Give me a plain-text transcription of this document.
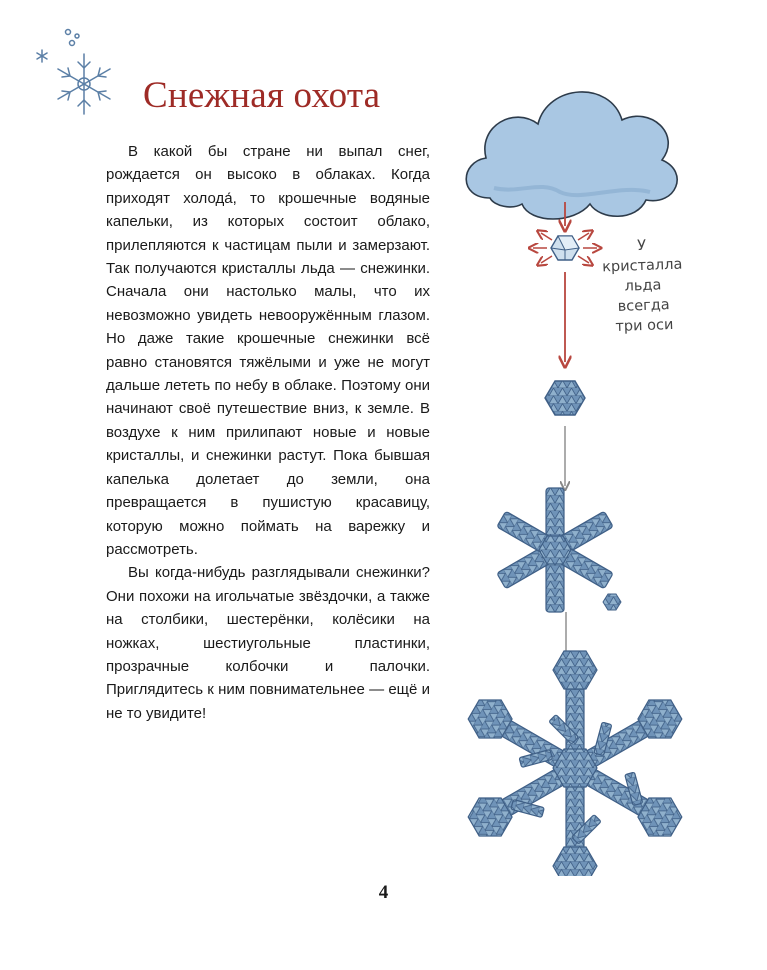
Снежная охота

В какой бы стране ни выпал снег, рождается он высоко в облаках. Когда приходят холода́, то крошечные водяные капельки, из которых состоит облако, прилепляются к частицам пыли и замерзают. Так получаются кристаллы льда — снежинки. Сначала они настолько малы, что их невозможно увидеть невооружённым глазом. Но даже такие крошечные снежинки всё равно становятся тяжёлыми и уже не могут дальше лететь по небу в облаке. Поэтому они начинают своё путешествие вниз, к земле. В воздухе к ним прилипают новые и новые кристаллы, и снежинки растут. Пока бывшая капелька долетает до земли, она превращается в пушистую красавицу, которую можно поймать на варежку и рассмотреть.

Вы когда-нибудь разглядывали снежинки? Они похожи на игольчатые звёздочки, а также на столбики, шестерёнки, колёсики на ножках, шестиугольные пластинки, прозрачные колбочки и палочки. Приглядитесь к ним повнимательнее — ещё и не то увидите!

У
кристалла
льда
всегда
три оси
4
